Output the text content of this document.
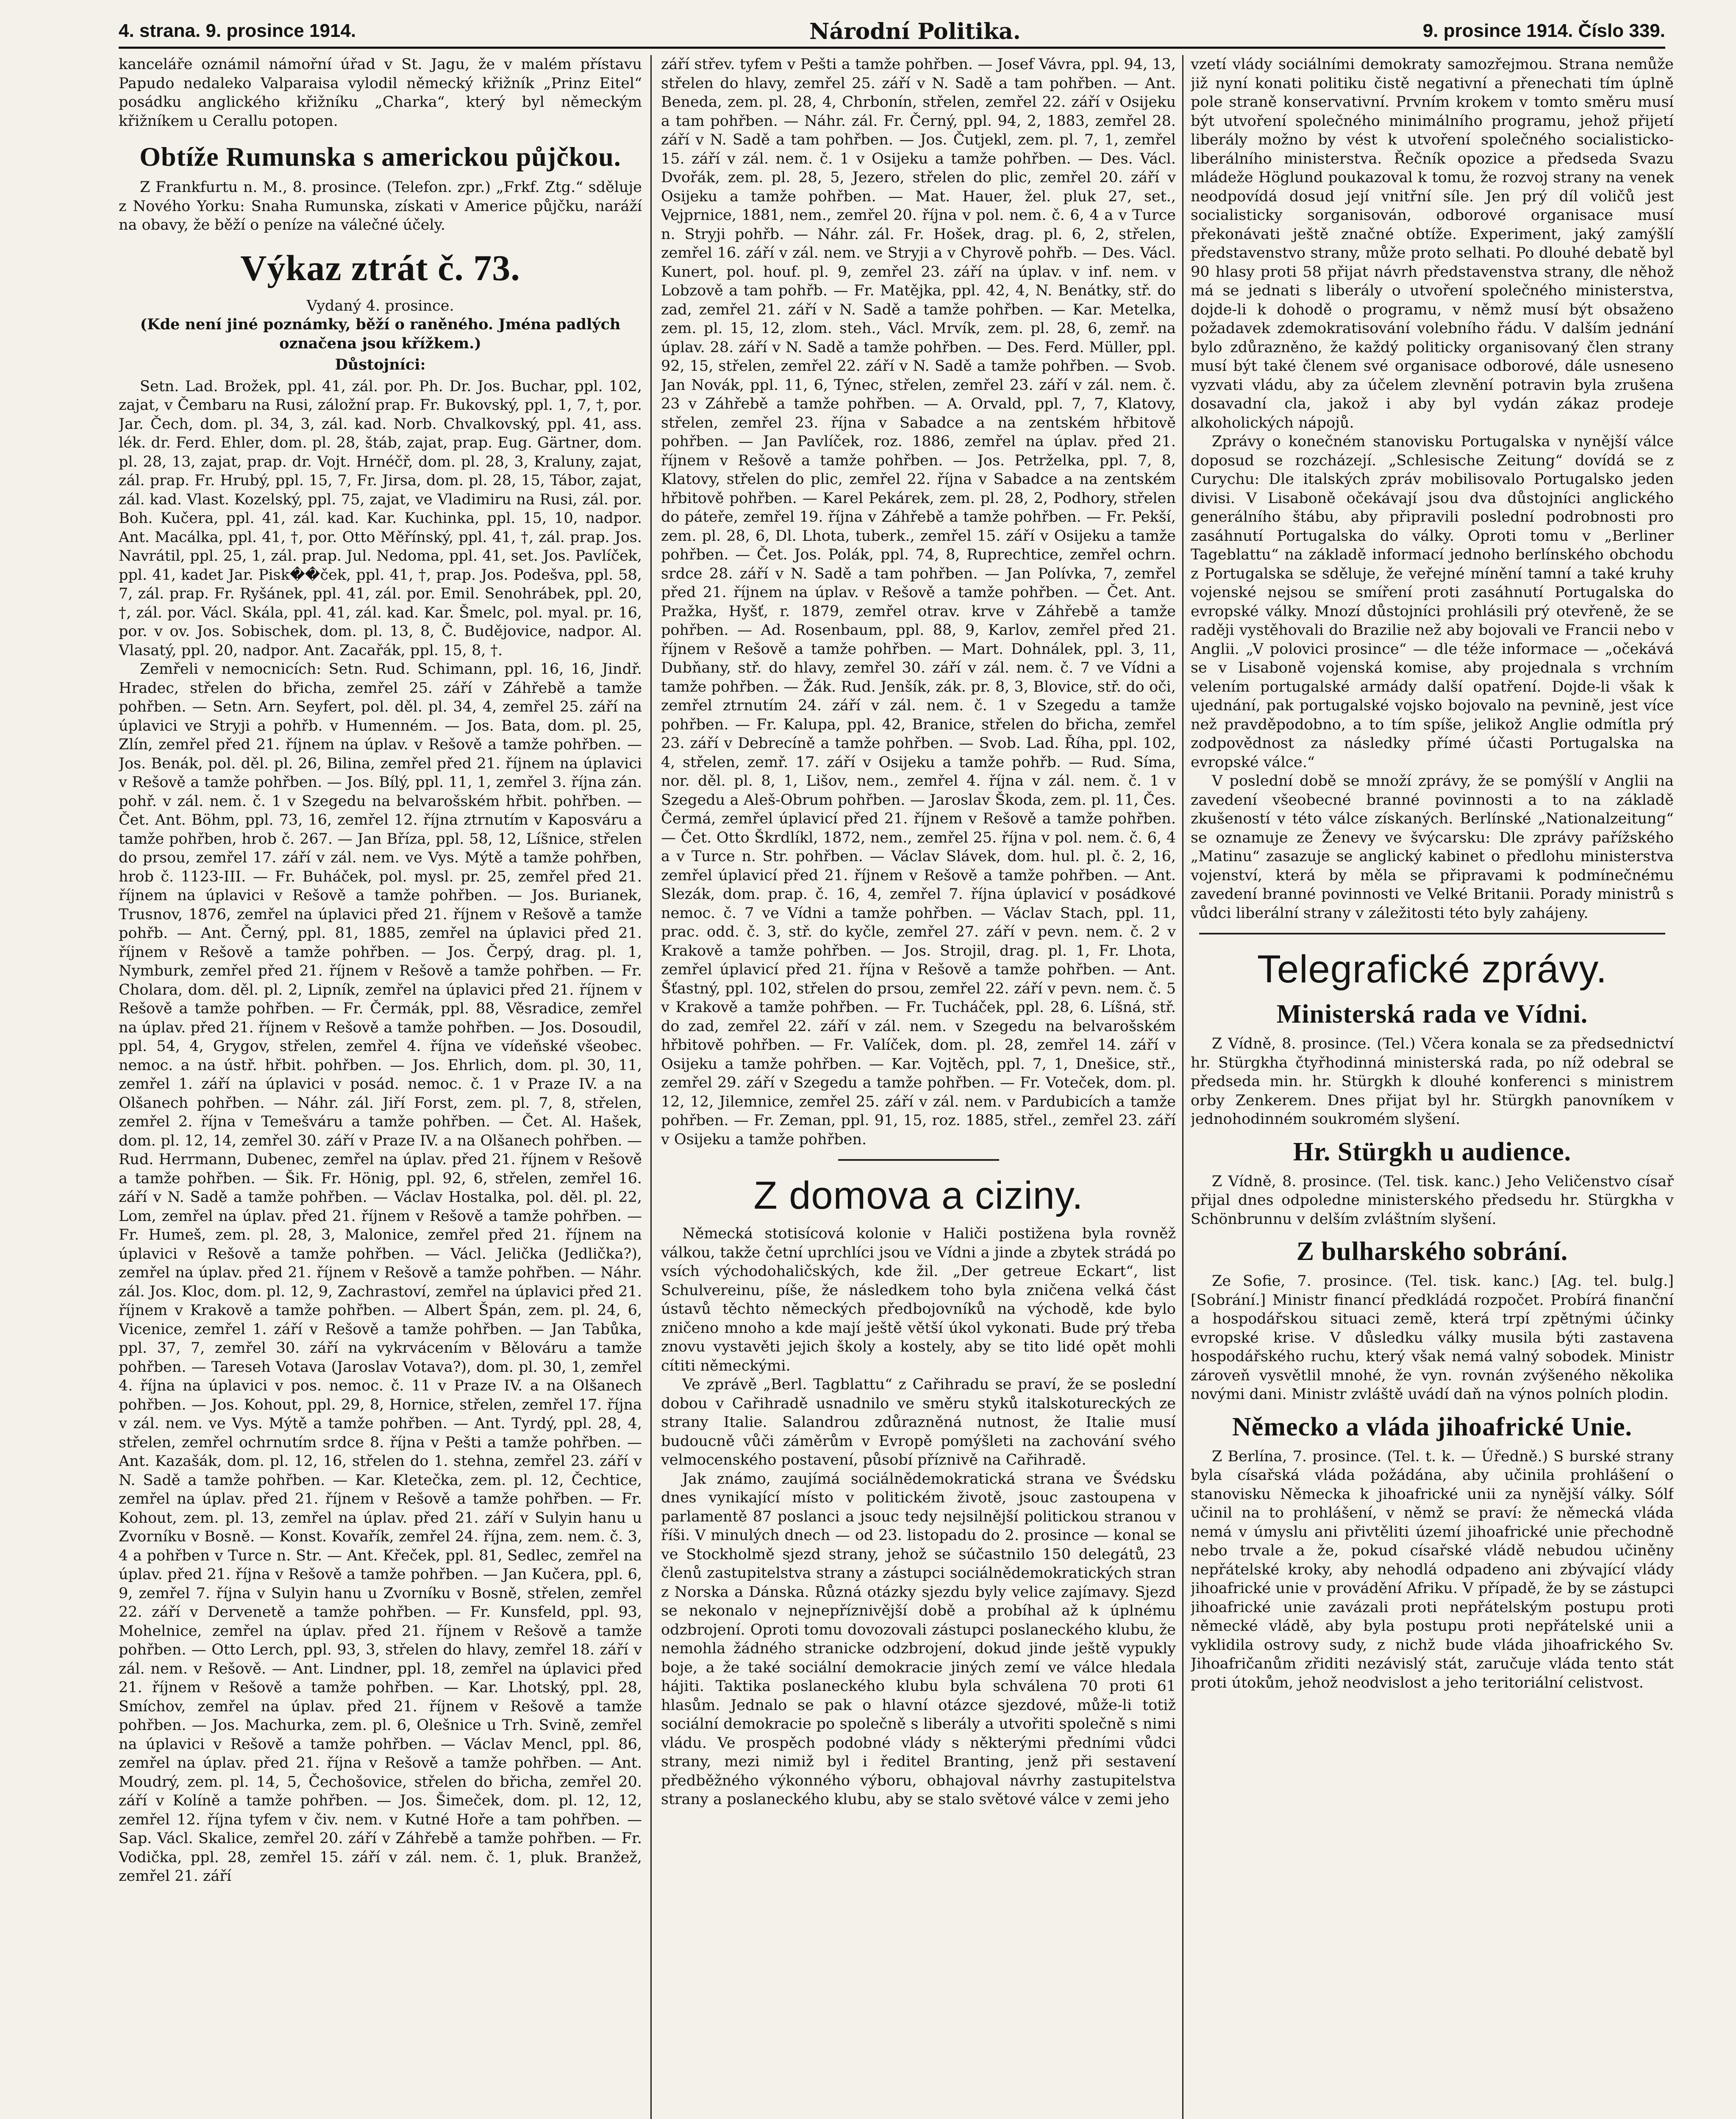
4. strana. 9. prosince 1914.	Národní Politika.	9. prosince 1914. Číslo 339.

kanceláře oznámil námořní úřad v St. Jagu, že v malém přístavu Papudo nedaleko Valparaisa vylodil německý křižník „Prinz Eitel“ posádku anglického křižníku „Charka“, který byl německým křižníkem u Cerallu potopen.

Obtíže Rumunska s americkou půjčkou.

Z Frankfurtu n. M., 8. prosince. (Telefon. zpr.) „Frkf. Ztg.“ sděluje z Nového Yorku: Snaha Rumunska, získati v Americe půjčku, naráží na obavy, že běží o peníze na válečné účely.

Výkaz ztrát č. 73.

Vydaný 4. prosince.

(Kde není jiné poznámky, běží o raněného. Jména padlých označena jsou křížkem.)

Důstojníci:

Setn. Lad. Brožek, ppl. 41, zál. por. Ph. Dr. Jos. Buchar, ppl. 102, zajat, v Čembaru na Rusi, záložní prap. Fr. Bukovský, ppl. 1, 7, †, por. Jar. Čech, dom. pl. 34, 3, zál. kad. Norb. Chvalkovský, ppl. 41, ass. lék. dr. Ferd. Ehler, dom. pl. 28, štáb, zajat, prap. Eug. Gärtner, dom. pl. 28, 13, zajat, prap. dr. Vojt. Hrnéčř, dom. pl. 28, 3, Kraluny, zajat, zál. prap. Fr. Hrubý, ppl. 15, 7, Fr. Jirsa, dom. pl. 28, 15, Tábor, zajat, zál. kad. Vlast. Kozelský, ppl. 75, zajat, ve Vladimiru na Rusi, zál. por. Boh. Kučera, ppl. 41, zál. kad. Kar. Kuchinka, ppl. 15, 10, nadpor. Ant. Macálka, ppl. 41, †, por. Otto Měřínský, ppl. 41, †, zál. prap. Jos. Navrátil, ppl. 25, 1, zál. prap. Jul. Nedoma, ppl. 41, set. Jos. Pavlíček, ppl. 41, kadet Jar. Pisk��ček, ppl. 41, †, prap. Jos. Podešva, ppl. 58, 7, zál. prap. Fr. Ryšánek, ppl. 41, zál. por. Emil. Senohrábek, ppl. 20, †, zál. por. Václ. Skála, ppl. 41, zál. kad. Kar. Šmelc, pol. myal. pr. 16, por. v ov. Jos. Sobischek, dom. pl. 13, 8, Č. Budějovice, nadpor. Al. Vlasatý, ppl. 20, nadpor. Ant. Zacařák, ppl. 15, 8, †.

Zemřeli v nemocnicích: Setn. Rud. Schimann, ppl. 16, 16, Jindř. Hradec, střelen do břicha, zemřel 25. září v Záhřebě a tamže pohřben. — Setn. Arn. Seyfert, pol. děl. pl. 34, 4, zemřel 25. září na úplavici ve Stryji a pohřb. v Humenném. — Jos. Bata, dom. pl. 25, Zlín, zemřel před 21. říjnem na úplav. v Rešově a tamže pohřben. — Jos. Benák, pol. děl. pl. 26, Bilina, zemřel před 21. říjnem na úplavici v Rešově a tamže pohřben. — Jos. Bílý, ppl. 11, 1, zemřel 3. října zán. pohř. v zál. nem. č. 1 v Szegedu na belvarošském hřbit. pohřben. — Čet. Ant. Böhm, ppl. 73, 16, zemřel 12. října ztrnutím v Kaposváru a tamže pohřben, hrob č. 267. — Jan Bříza, ppl. 58, 12, Líšnice, střelen do prsou, zemřel 17. září v zál. nem. ve Vys. Mýtě a tamže pohřben, hrob č. 1123-III. — Fr. Buháček, pol. mysl. pr. 25, zemřel před 21. říjnem na úplavici v Rešově a tamže pohřben. — Jos. Burianek, Trusnov, 1876, zemřel na úplavici před 21. říjnem v Rešově a tamže pohřb. — Ant. Černý, ppl. 81, 1885, zemřel na úplavici před 21. říjnem v Rešově a tamže pohřben. — Jos. Čerpý, drag. pl. 1, Nymburk, zemřel před 21. říjnem v Rešově a tamže pohřben. — Fr. Cholara, dom. děl. pl. 2, Lipník, zemřel na úplavici před 21. říjnem v Rešově a tamže pohřben. — Fr. Čermák, ppl. 88, Věsradice, zemřel na úplav. před 21. říjnem v Rešově a tamže pohřben. — Jos. Dosoudil, ppl. 54, 4, Grygov, střelen, zemřel 4. října ve vídeňské všeobec. nemoc. a na ústř. hřbit. pohřben. — Jos. Ehrlich, dom. pl. 30, 11, zemřel 1. září na úplavici v posád. nemoc. č. 1 v Praze IV. a na Olšanech pohřben. — Náhr. zál. Jiří Forst, zem. pl. 7, 8, střelen, zemřel 2. října v Temešváru a tamže pohřben. — Čet. Al. Hašek, dom. pl. 12, 14, zemřel 30. září v Praze IV. a na Olšanech pohřben. — Rud. Herrmann, Dubenec, zemřel na úplav. před 21. říjnem v Rešově a tamže pohřben. — Šik. Fr. Hönig, ppl. 92, 6, střelen, zemřel 16. září v N. Sadě a tamže pohřben. — Václav Hostalka, pol. děl. pl. 22, Lom, zemřel na úplav. před 21. říjnem v Rešově a tamže pohřben. — Fr. Humeš, zem. pl. 28, 3, Malonice, zemřel před 21. říjnem na úplavici v Rešově a tamže pohřben. — Václ. Jelička (Jedlička?), zemřel na úplav. před 21. říjnem v Rešově a tamže pohřben. — Náhr. zál. Jos. Kloc, dom. pl. 12, 9, Zachrastoví, zemřel na úplavici před 21. říjnem v Krakově a tamže pohřben. — Albert Špán, zem. pl. 24, 6, Vicenice, zemřel 1. září v Rešově a tamže pohřben. — Jan Tabůka, ppl. 37, 7, zemřel 30. září na vykrvácením v Bělováru a tamže pohřben. — Tareseh Votava (Jaroslav Votava?), dom. pl. 30, 1, zemřel 4. října na úplavici v pos. nemoc. č. 11 v Praze IV. a na Olšanech pohřben. — Jos. Kohout, ppl. 29, 8, Hornice, střelen, zemřel 17. října v zál. nem. ve Vys. Mýtě a tamže pohřben. — Ant. Tyrdý, ppl. 28, 4, střelen, zemřel ochrnutím srdce 8. října v Pešti a tamže pohřben. — Ant. Kazašák, dom. pl. 12, 16, střelen do 1. stehna, zemřel 23. září v N. Sadě a tamže pohřben. — Kar. Kletečka, zem. pl. 12, Čechtice, zemřel na úplav. před 21. říjnem v Rešově a tamže pohřben. — Fr. Kohout, zem. pl. 13, zemřel na úplav. před 21. září v Sulyin hanu u Zvorníku v Bosně. — Konst. Kovařík, zemřel 24. října, zem. nem. č. 3, 4 a pohřben v Turce n. Str. — Ant. Křeček, ppl. 81, Sedlec, zemřel na úplav. před 21. října v Rešově a tamže pohřben. — Jan Kučera, ppl. 6, 9, zemřel 7. října v Sulyin hanu u Zvorníku v Bosně, střelen, zemřel 22. září v Dervenetě a tamže pohřben. — Fr. Kunsfeld, ppl. 93, Mohelnice, zemřel na úplav. před 21. říjnem v Rešově a tamže pohřben. — Otto Lerch, ppl. 93, 3, střelen do hlavy, zemřel 18. září v zál. nem. v Rešově. — Ant. Lindner, ppl. 18, zemřel na úplavici před 21. říjnem v Rešově a tamže pohřben. — Kar. Lhotský, ppl. 28, Smíchov, zemřel na úplav. před 21. říjnem v Rešově a tamže pohřben. — Jos. Machurka, zem. pl. 6, Olešnice u Trh. Svině, zemřel na úplavici v Rešově a tamže pohřben. — Václav Mencl, ppl. 86, zemřel na úplav. před 21. října v Rešově a tamže pohřben. — Ant. Moudrý, zem. pl. 14, 5, Čechošovice, střelen do břicha, zemřel 20. září v Kolíně a tamže pohřben. — Jos. Šimeček, dom. pl. 12, 12, zemřel 12. října tyfem v čiv. nem. v Kutné Hoře a tam pohřben. — Sap. Václ. Skalice, zemřel 20. září v Záhřebě a tamže pohřben. — Fr. Vodička, ppl. 28, zemřel 15. září v zál. nem. č. 1, pluk. Branžež, zemřel 21. září

září střev. tyfem v Pešti a tamže pohřben. — Josef Vávra, ppl. 94, 13, střelen do hlavy, zemřel 25. září v N. Sadě a tam pohřben. — Ant. Beneda, zem. pl. 28, 4, Chrbonín, střelen, zemřel 22. září v Osijeku a tam pohřben. — Náhr. zál. Fr. Černý, ppl. 94, 2, 1883, zemřel 28. září v N. Sadě a tam pohřben. — Jos. Čutjekl, zem. pl. 7, 1, zemřel 15. září v zál. nem. č. 1 v Osijeku a tamže pohřben. — Des. Václ. Dvořák, zem. pl. 28, 5, Jezero, střelen do plic, zemřel 20. září v Osijeku a tamže pohřben. — Mat. Hauer, žel. pluk 27, set., Vejprnice, 1881, nem., zemřel 20. října v pol. nem. č. 6, 4 a v Turce n. Stryji pohřb. — Náhr. zál. Fr. Hošek, drag. pl. 6, 2, střelen, zemřel 16. září v zál. nem. ve Stryji a v Chyrově pohřb. — Des. Václ. Kunert, pol. houf. pl. 9, zemřel 23. září na úplav. v inf. nem. v Lobzově a tam pohřb. — Fr. Matějka, ppl. 42, 4, N. Benátky, stř. do zad, zemřel 21. září v N. Sadě a tamže pohřben. — Kar. Metelka, zem. pl. 15, 12, zlom. steh., Václ. Mrvík, zem. pl. 28, 6, zemř. na úplav. 28. září v N. Sadě a tamže pohřben. — Des. Ferd. Müller, ppl. 92, 15, střelen, zemřel 22. září v N. Sadě a tamže pohřben. — Svob. Jan Novák, ppl. 11, 6, Týnec, střelen, zemřel 23. září v zál. nem. č. 23 v Záhřebě a tamže pohřben. — A. Orvald, ppl. 7, 7, Klatovy, střelen, zemřel 23. října v Sabadce a na zentském hřbitově pohřben. — Jan Pavlíček, roz. 1886, zemřel na úplav. před 21. říjnem v Rešově a tamže pohřben. — Jos. Petrželka, ppl. 7, 8, Klatovy, střelen do plic, zemřel 22. října v Sabadce a na zentském hřbitově pohřben. — Karel Pekárek, zem. pl. 28, 2, Podhory, střelen do páteře, zemřel 19. října v Záhřebě a tamže pohřben. — Fr. Pekší, zem. pl. 28, 6, Dl. Lhota, tuberk., zemřel 15. září v Osijeku a tamže pohřben. — Čet. Jos. Polák, ppl. 74, 8, Ruprechtice, zemřel ochrn. srdce 28. září v N. Sadě a tam pohřben. — Jan Polívka, 7, zemřel před 21. říjnem na úplav. v Rešově a tamže pohřben. — Čet. Ant. Pražka, Hyšť, r. 1879, zemřel otrav. krve v Záhřebě a tamže pohřben. — Ad. Rosenbaum, ppl. 88, 9, Karlov, zemřel před 21. říjnem v Rešově a tamže pohřben. — Mart. Dohnálek, ppl. 3, 11, Dubňany, stř. do hlavy, zemřel 30. září v zál. nem. č. 7 ve Vídni a tamže pohřben. — Žák. Rud. Jenšík, zák. pr. 8, 3, Blovice, stř. do oči, zemřel ztrnutím 24. září v zál. nem. č. 1 v Szegedu a tamže pohřben. — Fr. Kalupa, ppl. 42, Branice, střelen do břicha, zemřel 23. září v Debrecíně a tamže pohřben. — Svob. Lad. Říha, ppl. 102, 4, střelen, zemř. 17. září v Osijeku a tamže pohřb. — Rud. Síma, nor. děl. pl. 8, 1, Lišov, nem., zemřel 4. října v zál. nem. č. 1 v Szegedu a Aleš-Obrum pohřben. — Jaroslav Škoda, zem. pl. 11, Čes. Čermá, zemřel úplavicí před 21. říjnem v Rešově a tamže pohřben. — Čet. Otto Škrdlíkl, 1872, nem., zemřel 25. října v pol. nem. č. 6, 4 a v Turce n. Str. pohřben. — Václav Slávek, dom. hul. pl. č. 2, 16, zemřel úplavicí před 21. říjnem v Rešově a tamže pohřben. — Ant. Slezák, dom. prap. č. 16, 4, zemřel 7. října úplavicí v posádkové nemoc. č. 7 ve Vídni a tamže pohřben. — Václav Stach, ppl. 11, prac. odd. č. 3, stř. do kyčle, zemřel 27. září v pevn. nem. č. 2 v Krakově a tamže pohřben. — Jos. Strojil, drag. pl. 1, Fr. Lhota, zemřel úplavicí před 21. října v Rešově a tamže pohřben. — Ant. Šťastný, ppl. 102, střelen do prsou, zemřel 22. září v pevn. nem. č. 5 v Krakově a tamže pohřben. — Fr. Tucháček, ppl. 28, 6. Líšná, stř. do zad, zemřel 22. září v zál. nem. v Szegedu na belvarošském hřbitově pohřben. — Fr. Valíček, dom. pl. 28, zemřel 14. září v Osijeku a tamže pohřben. — Kar. Vojtěch, ppl. 7, 1, Dnešice, stř., zemřel 29. září v Szegedu a tamže pohřben. — Fr. Voteček, dom. pl. 12, 12, Jilemnice, zemřel 25. září v zál. nem. v Pardubicích a tamže pohřben. — Fr. Zeman, ppl. 91, 15, roz. 1885, střel., zemřel 23. září v Osijeku a tamže pohřben.

Z domova a ciziny.

Německá stotisícová kolonie v Haliči postižena byla rovněž válkou, takže četní uprchlíci jsou ve Vídni a jinde a zbytek strádá po vsích východohaličských, kde žil. „Der getreue Eckart“, list Schulvereinu, píše, že následkem toho byla zničena velká část ústavů těchto německých předbojovníků na východě, kde bylo zničeno mnoho a kde mají ještě větší úkol vykonati. Bude prý třeba znovu vystavěti jejich školy a kostely, aby se tito lidé opět mohli cítiti německými.

Ve zprávě „Berl. Tagblattu“ z Cařihradu se praví, že se poslední dobou v Cařihradě usnadnilo ve směru styků italskotureckých ze strany Italie. Salandrou zdůrazněná nutnost, že Italie musí budoucně vůči záměrům v Evropě pomýšleti na zachování svého velmocenského postavení, působí příznivě na Cařihradě.

Jak známo, zaujímá sociálnědemokratická strana ve Švédsku dnes vynikající místo v politickém životě, jsouc zastoupena v parlamentě 87 poslanci a jsouc tedy nejsilnější politickou stranou v říši. V minulých dnech — od 23. listopadu do 2. prosince — konal se ve Stockholmě sjezd strany, jehož se súčastnilo 150 delegátů, 23 členů zastupitelstva strany a zástupci sociálnědemokratických stran z Norska a Dánska. Různá otázky sjezdu byly velice zajímavy. Sjezd se nekonalo v nejnepříznivější době a probíhal až k úplnému odzbrojení. Oproti tomu dovozovali zástupci poslaneckého klubu, že nemohla žádného stranicke odzbrojení, dokud jinde ještě vypukly boje, a že také sociální demokracie jiných zemí ve válce hledala hájiti. Taktika poslaneckého klubu byla schválena 70 proti 61 hlasům. Jednalo se pak o hlavní otázce sjezdové, může-li totiž sociální demokracie po společně s liberály a utvořiti společně s nimi vládu. Ve prospěch podobné vlády s některými předními vůdci strany, mezi nimiž byl i ředitel Branting, jenž při sestavení předběžného výkonného výboru, obhajoval návrhy zastupitelstva strany a poslaneckého klubu, aby se stalo světové válce v zemi jeho

vzetí vlády sociálními demokraty samozřejmou. Strana nemůže již nyní konati politiku čistě negativní a přenechati tím úplně pole straně konservativní. Prvním krokem v tomto směru musí být utvoření společného minimálního programu, jehož přijetí liberály možno by vést k utvoření společného socialisticko-liberálního ministerstva. Řečník opozice a předseda Svazu mládeže Höglund poukazoval k tomu, že rozvoj strany na venek neodpovídá dosud její vnitřní síle. Jen prý díl voličů jest socialisticky sorganisován, odborové organisace musí překonávati ještě značné obtíže. Experiment, jaký zamýšlí představenstvo strany, může proto selhati. Po dlouhé debatě byl 90 hlasy proti 58 přijat návrh představenstva strany, dle něhož má se jednati s liberály o utvoření společného ministerstva, dojde-li k dohodě o programu, v němž musí být obsaženo požadavek zdemokratisování volebního řádu. V dalším jednání bylo zdůrazněno, že každý politicky organisovaný člen strany musí být také členem své organisace odborové, dále usneseno vyzvati vládu, aby za účelem zlevnění potravin byla zrušena dosavadní cla, jakož i aby byl vydán zákaz prodeje alkoholických nápojů.

Zprávy o konečném stanovisku Portugalska v nynější válce doposud se rozcházejí. „Schlesische Zeitung“ dovídá se z Curychu: Dle italských zpráv mobilisovalo Portugalsko jeden divisi. V Lisaboně očekávají jsou dva důstojníci anglického generálního štábu, aby připravili poslední podrobnosti pro zasáhnutí Portugalska do války. Oproti tomu v „Berliner Tageblattu“ na základě informací jednoho berlínského obchodu z Portugalska se sděluje, že veřejné mínění tamní a také kruhy vojenské nejsou se smíření proti zasáhnutí Portugalska do evropské války. Mnozí důstojníci prohlásili prý otevřeně, že se raději vystěhovali do Brazilie než aby bojovali ve Francii nebo v Anglii. „V polovici prosince“ — dle téže informace — „očekává se v Lisaboně vojenská komise, aby projednala s vrchním velením portugalské armády další opatření. Dojde-li však k ujednání, pak portugalské vojsko bojovalo na pevnině, jest více než pravděpodobno, a to tím spíše, jelikož Anglie odmítla prý zodpovědnost za následky přímé účasti Portugalska na evropské válce.“

V poslední době se množí zprávy, že se pomýšlí v Anglii na zavedení všeobecné branné povinnosti a to na základě zkušeností v této válce získaných. Berlínské „Nationalzeitung“ se oznamuje ze Ženevy ve švýcarsku: Dle zprávy pařížského „Matinu“ zasazuje se anglický kabinet o předlohu ministerstva vojenství, která by měla se připravami k podmínečnému zavedení branné povinnosti ve Velké Britanii. Porady ministrů s vůdci liberální strany v záležitosti této byly zahájeny.

Telegrafické zprávy.
Ministerská rada ve Vídni.

Z Vídně, 8. prosince. (Tel.) Včera konala se za předsednictví hr. Stürgkha čtyřhodinná ministerská rada, po níž odebral se předseda min. hr. Stürgkh k dlouhé konferenci s ministrem orby Zenkerem. Dnes přijat byl hr. Stürgkh panovníkem v jednohodinném soukromém slyšení.

Hr. Stürgkh u audience.

Z Vídně, 8. prosince. (Tel. tisk. kanc.) Jeho Veličenstvo císař přijal dnes odpoledne ministerského předsedu hr. Stürgkha v Schönbrunnu v delším zvláštním slyšení.

Z bulharského sobrání.

Ze Sofie, 7. prosince. (Tel. tisk. kanc.) [Ag. tel. bulg.] [Sobrání.] Ministr financí předkládá rozpočet. Probírá finanční a hospodářskou situaci země, která trpí zpětnými účinky evropské krise. V důsledku války musila býti zastavena hospodářského ruchu, který však nemá valný sobodek. Ministr zároveň vysvětlil mnohé, že vyn. rovnán zvýšeného několika novými dani. Ministr zvláště uvádí daň na výnos polních plodin.

Německo a vláda jihoafrické Unie.

Z Berlína, 7. prosince. (Tel. t. k. — Úředně.) S burské strany byla císařská vláda požádána, aby učinila prohlášení o stanovisku Německa k jihoafrické unii za nynější války. Sólf učinil na to prohlášení, v němž se praví: že německá vláda nemá v úmyslu ani přivtěliti území jihoafrické unie přechodně nebo trvale a že, pokud císařské vládě nebudou učiněny nepřátelské kroky, aby nehodlá odpadeno ani zbývající vlády jihoafrické unie v provádění Afriku. V případě, že by se zástupci jihoafrické unie zavázali proti nepřátelským postupu proti německé vládě, aby byla postupu proti nepřátelské unii a vyklidila ostrovy sudy, z nichž bude vláda jihoafrického Sv. Jihoafričanům zřiditi nezávislý stát, zaručuje vláda tento stát proti útokům, jehož neodvislost a jeho teritoriální celistvost.
